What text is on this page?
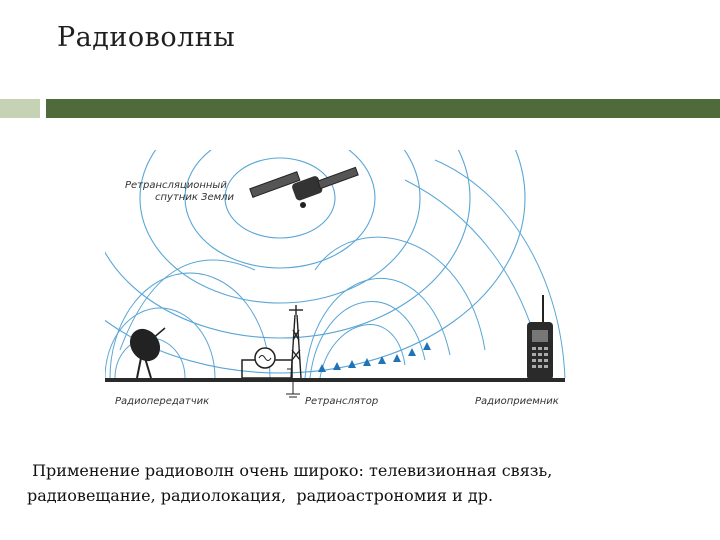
Радиоволны
Ретрансляционный
спутник Земли
Радиопередатчик	Ретранслятор	Радиоприемник
Применение радиоволн очень широко: телевизионная связь,
радиовещание, радиолокация,  радиоастрономия и др.
